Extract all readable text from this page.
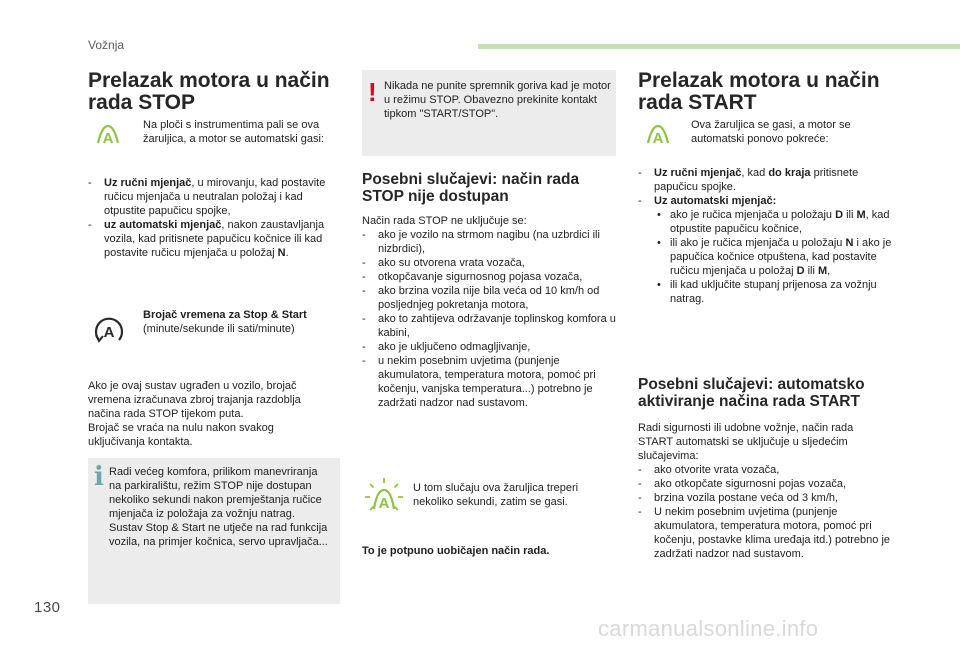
Vožnja
Prelazak motora u način
rada STOP
A
Na ploči s instrumentima pali se ova žaruljica, a motor se automatski gasi:
- Uz ručni mjenjač, u mirovanju, kad postavite ručicu mjenjača u neutralan položaj i kad otpustite papučicu spojke,
- uz automatski mjenjač, nakon zaustavljanja vozila, kad pritisnete papučicu kočnice ili kad postavite ručicu mjenjača u položaj N.
A
Brojač vremena za Stop & Start
(minute/sekunde ili sati/minute)
Ako je ovaj sustav ugrađen u vozilo, brojač vremena izračunava zbroj trajanja razdoblja načina rada STOP tijekom puta.
Brojač se vraća na nulu nakon svakog uključivanja kontakta.
i Radi većeg komfora, prilikom manevriranja na parkiralištu, režim STOP nije dostupan nekoliko sekundi nakon premještanja ručice mjenjača iz položaja za vožnju natrag.
Sustav Stop & Start ne utječe na rad funkcija vozila, na primjer kočnica, servo upravljača...
! Nikada ne punite spremnik goriva kad je motor u režimu STOP. Obavezno prekinite kontakt tipkom "START/STOP".
Posebni slučajevi: način rada
STOP nije dostupan
Način rada STOP ne uključuje se:
- ako je vozilo na strmom nagibu (na uzbrdici ili nizbrdici),
- ako su otvorena vrata vozača,
- otkopčavanje sigurnosnog pojasa vozača,
- ako brzina vozila nije bila veća od 10 km/h od posljednjeg pokretanja motora,
- ako to zahtijeva održavanje toplinskog komfora u kabini,
- ako je uključeno odmagljivanje,
- u nekim posebnim uvjetima (punjenje akumulatora, temperatura motora, pomoć pri kočenju, vanjska temperatura...) potrebno je zadržati nadzor nad sustavom.
A
U tom slučaju ova žaruljica treperi nekoliko sekundi, zatim se gasi.
To je potpuno uobičajen način rada.
Prelazak motora u način
rada START
A
Ova žaruljica se gasi, a motor se automatski ponovo pokreće:
- Uz ručni mjenjač, kad do kraja pritisnete papučicu spojke.
- Uz automatski mjenjač:
• ako je ručica mjenjača u položaju D ili M, kad otpustite papučicu kočnice,
• ili ako je ručica mjenjača u položaju N i ako je papučica kočnice otpuštena, kad postavite ručicu mjenjača u položaj D ili M,
• ili kad uključite stupanj prijenosa za vožnju natrag.
Posebni slučajevi: automatsko
aktiviranje načina rada START
Radi sigurnosti ili udobne vožnje, način rada START automatski se uključuje u sljedećim slučajevima:
- ako otvorite vrata vozača,
- ako otkopčate sigurnosni pojas vozača,
- brzina vozila postane veća od 3 km/h,
- U nekim posebnim uvjetima (punjenje akumulatora, temperatura motora, pomoć pri kočenju, postavke klima uređaja itd.) potrebno je zadržati nadzor nad sustavom.
130
carmanualsonline.info
